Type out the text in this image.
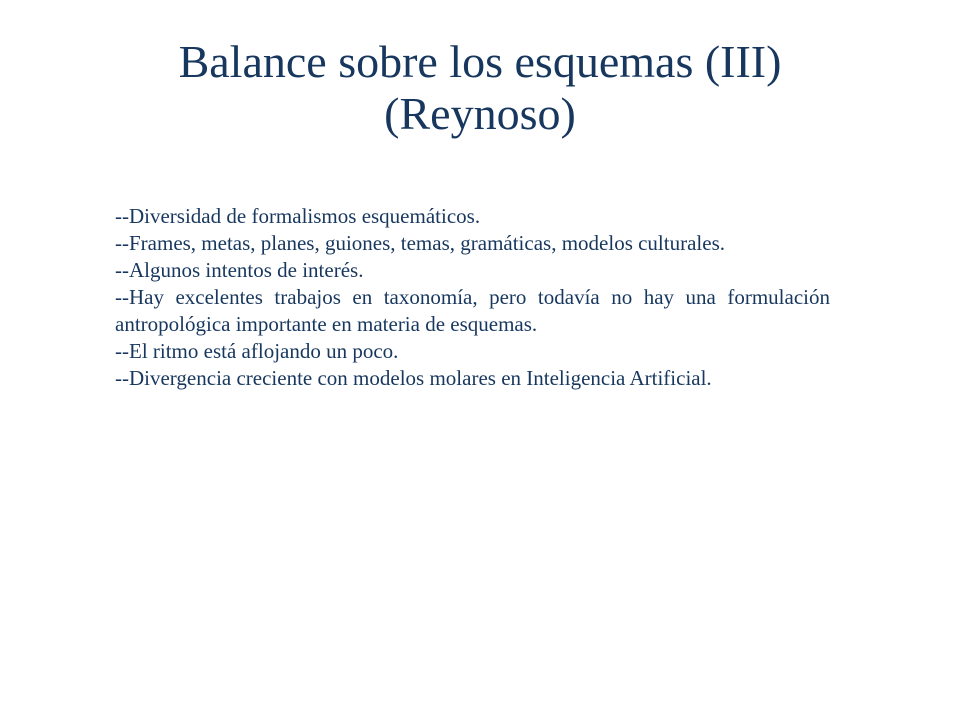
Balance sobre los esquemas (III)
(Reynoso)
--Diversidad de formalismos esquemáticos.
--Frames, metas, planes, guiones, temas, gramáticas, modelos culturales.
--Algunos intentos de interés.
--Hay excelentes trabajos en taxonomía, pero todavía no hay una formulación antropológica importante en materia de esquemas.
--El ritmo está aflojando un poco.
--Divergencia creciente con modelos molares en Inteligencia Artificial.
